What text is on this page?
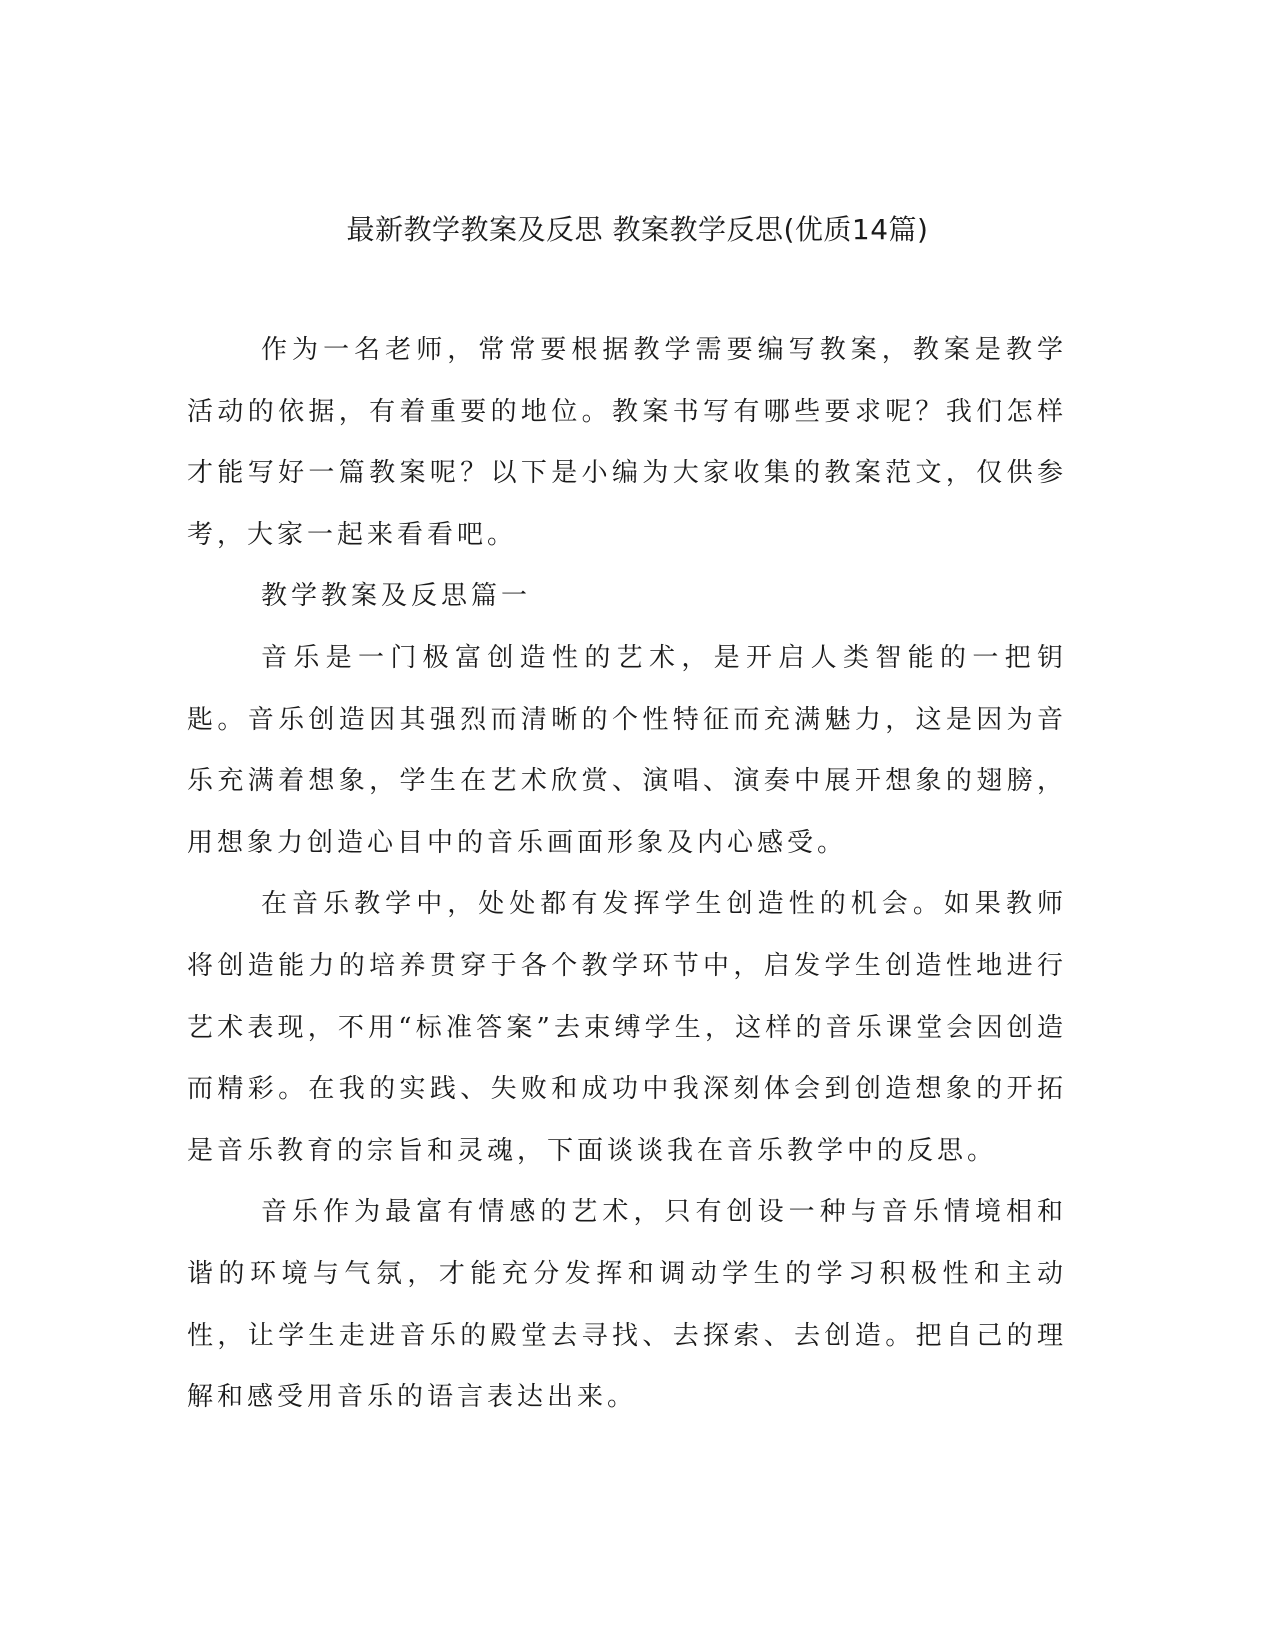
最新教学教案及反思 教案教学反思(优质14篇)

作为一名老师，常常要根据教学需要编写教案，教案是教学活动的依据，有着重要的地位。教案书写有哪些要求呢？我们怎样才能写好一篇教案呢？以下是小编为大家收集的教案范文，仅供参考，大家一起来看看吧。

教学教案及反思篇一

音乐是一门极富创造性的艺术，是开启人类智能的一把钥匙。音乐创造因其强烈而清晰的个性特征而充满魅力，这是因为音乐充满着想象，学生在艺术欣赏、演唱、演奏中展开想象的翅膀，用想象力创造心目中的音乐画面形象及内心感受。

在音乐教学中，处处都有发挥学生创造性的机会。如果教师将创造能力的培养贯穿于各个教学环节中，启发学生创造性地进行艺术表现，不用“标准答案”去束缚学生，这样的音乐课堂会因创造而精彩。在我的实践、失败和成功中我深刻体会到创造想象的开拓是音乐教育的宗旨和灵魂，下面谈谈我在音乐教学中的反思。

音乐作为最富有情感的艺术，只有创设一种与音乐情境相和谐的环境与气氛，才能充分发挥和调动学生的学习积极性和主动性，让学生走进音乐的殿堂去寻找、去探索、去创造。把自己的理解和感受用音乐的语言表达出来。
